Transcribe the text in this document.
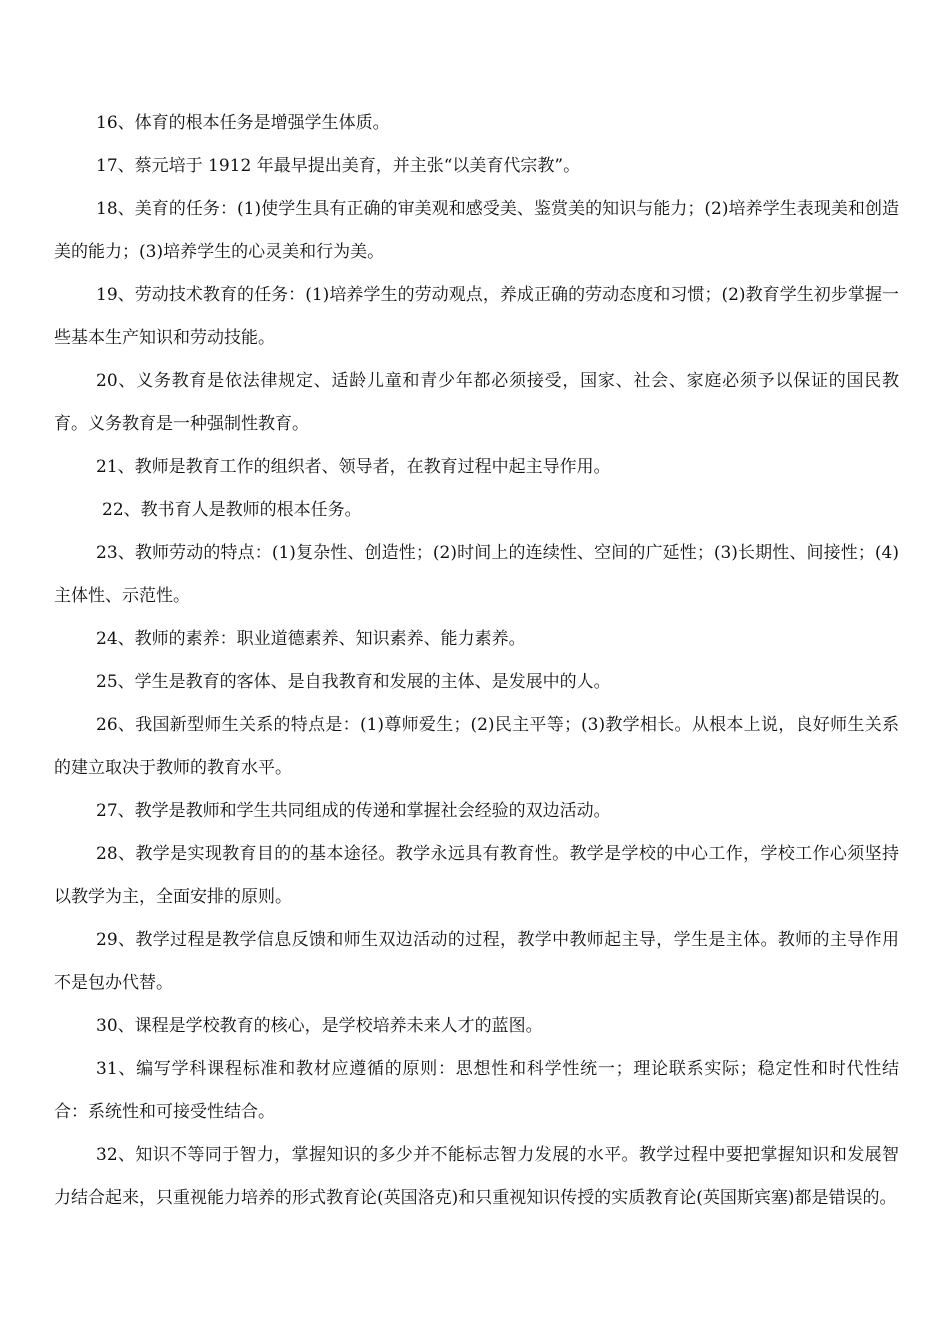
16、体育的根本任务是增强学生体质。

17、蔡元培于 1912 年最早提出美育，并主张“以美育代宗教”。

18、美育的任务：(1)使学生具有正确的审美观和感受美、鉴赏美的知识与能力；(2)培养学生表现美和创造美的能力；(3)培养学生的心灵美和行为美。

19、劳动技术教育的任务：(1)培养学生的劳动观点，养成正确的劳动态度和习惯；(2)教育学生初步掌握一些基本生产知识和劳动技能。

20、义务教育是依法律规定、适龄儿童和青少年都必须接受，国家、社会、家庭必须予以保证的国民教育。义务教育是一种强制性教育。

21、教师是教育工作的组织者、领导者，在教育过程中起主导作用。

22、教书育人是教师的根本任务。

23、教师劳动的特点：(1)复杂性、创造性；(2)时间上的连续性、空间的广延性；(3)长期性、间接性；(4)主体性、示范性。

24、教师的素养：职业道德素养、知识素养、能力素养。

25、学生是教育的客体、是自我教育和发展的主体、是发展中的人。

26、我国新型师生关系的特点是：(1)尊师爱生；(2)民主平等；(3)教学相长。从根本上说，良好师生关系的建立取决于教师的教育水平。

27、教学是教师和学生共同组成的传递和掌握社会经验的双边活动。

28、教学是实现教育目的的基本途径。教学永远具有教育性。教学是学校的中心工作，学校工作心须坚持以教学为主，全面安排的原则。

29、教学过程是教学信息反馈和师生双边活动的过程，教学中教师起主导，学生是主体。教师的主导作用不是包办代替。

30、课程是学校教育的核心，是学校培养未来人才的蓝图。

31、编写学科课程标准和教材应遵循的原则：思想性和科学性统一；理论联系实际；稳定性和时代性结合：系统性和可接受性结合。

32、知识不等同于智力，掌握知识的多少并不能标志智力发展的水平。教学过程中要把掌握知识和发展智力结合起来，只重视能力培养的形式教育论(英国洛克)和只重视知识传授的实质教育论(英国斯宾塞)都是错误的。
